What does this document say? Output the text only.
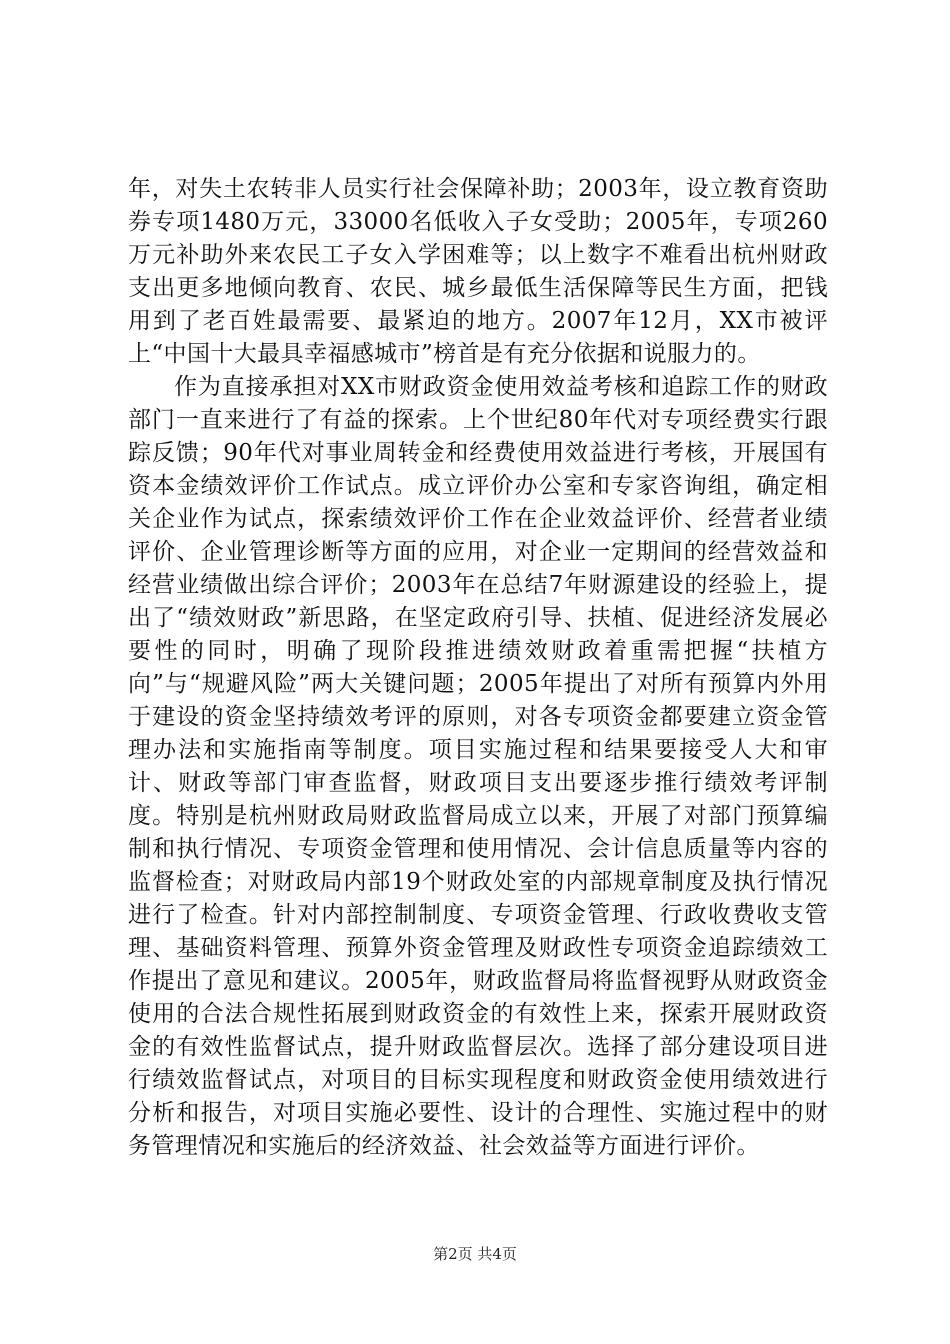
年，对失土农转非人员实行社会保障补助；2003年，设立教育资助券专项1480万元，33000名低收入子女受助；2005年，专项260万元补助外来农民工子女入学困难等；以上数字不难看出杭州财政支出更多地倾向教育、农民、城乡最低生活保障等民生方面，把钱用到了老百姓最需要、最紧迫的地方。2007年12月，XX市被评上“中国十大最具幸福感城市”榜首是有充分依据和说服力的。

作为直接承担对XX市财政资金使用效益考核和追踪工作的财政部门一直来进行了有益的探索。上个世纪80年代对专项经费实行跟踪反馈；90年代对事业周转金和经费使用效益进行考核，开展国有资本金绩效评价工作试点。成立评价办公室和专家咨询组，确定相关企业作为试点，探索绩效评价工作在企业效益评价、经营者业绩评价、企业管理诊断等方面的应用，对企业一定期间的经营效益和经营业绩做出综合评价；2003年在总结7年财源建设的经验上，提出了“绩效财政”新思路，在坚定政府引导、扶植、促进经济发展必要性的同时，明确了现阶段推进绩效财政着重需把握“扶植方向”与“规避风险”两大关键问题；2005年提出了对所有预算内外用于建设的资金坚持绩效考评的原则，对各专项资金都要建立资金管理办法和实施指南等制度。项目实施过程和结果要接受人大和审计、财政等部门审查监督，财政项目支出要逐步推行绩效考评制度。特别是杭州财政局财政监督局成立以来，开展了对部门预算编制和执行情况、专项资金管理和使用情况、会计信息质量等内容的监督检查；对财政局内部19个财政处室的内部规章制度及执行情况进行了检查。针对内部控制制度、专项资金管理、行政收费收支管理、基础资料管理、预算外资金管理及财政性专项资金追踪绩效工作提出了意见和建议。2005年，财政监督局将监督视野从财政资金使用的合法合规性拓展到财政资金的有效性上来，探索开展财政资金的有效性监督试点，提升财政监督层次。选择了部分建设项目进行绩效监督试点，对项目的目标实现程度和财政资金使用绩效进行分析和报告，对项目实施必要性、设计的合理性、实施过程中的财务管理情况和实施后的经济效益、社会效益等方面进行评价。

第2页 共4页
